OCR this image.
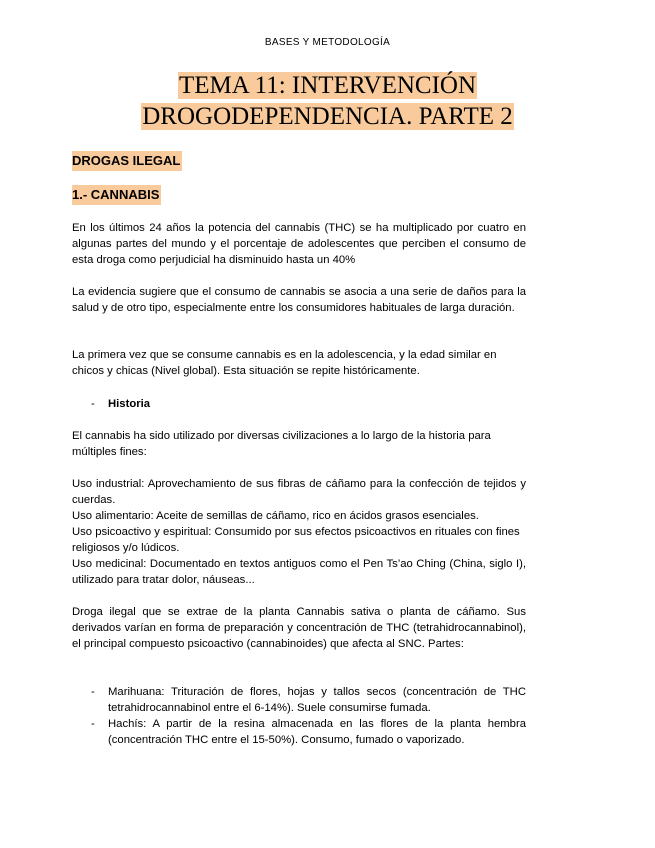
BASES Y METODOLOGÍA
TEMA 11: INTERVENCIÓN
DROGODEPENDENCIA. PARTE 2
DROGAS ILEGAL
1.- CANNABIS

En los últimos 24 años la potencia del cannabis (THC) se ha multiplicado por cuatro en algunas partes del mundo y el porcentaje de adolescentes que perciben el consumo de esta droga como perjudicial ha disminuido hasta un 40%

La evidencia sugiere que el consumo de cannabis se asocia a una serie de daños para la salud y de otro tipo, especialmente entre los consumidores habituales de larga duración.

La primera vez que se consume cannabis es en la adolescencia, y la edad similar en chicos y chicas (Nivel global). Esta situación se repite históricamente.

- Historia

El cannabis ha sido utilizado por diversas civilizaciones a lo largo de la historia para múltiples fines:

Uso industrial: Aprovechamiento de sus fibras de cáñamo para la confección de tejidos y cuerdas.

Uso alimentario: Aceite de semillas de cáñamo, rico en ácidos grasos esenciales.

Uso psicoactivo y espiritual: Consumido por sus efectos psicoactivos en rituales con fines religiosos y/o lúdicos.

Uso medicinal: Documentado en textos antiguos como el Pen Ts’ao Ching (China, siglo I), utilizado para tratar dolor, náuseas...

Droga ilegal que se extrae de la planta Cannabis sativa o planta de cáñamo. Sus derivados varían en forma de preparación y concentración de THC (tetrahidrocannabinol), el principal compuesto psicoactivo (cannabinoides) que afecta al SNC. Partes:

- Marihuana: Trituración de flores, hojas y tallos secos (concentración de THC tetrahidrocannabinol entre el 6-14%). Suele consumirse fumada.

- Hachís: A partir de la resina almacenada en las flores de la planta hembra (concentración THC entre el 15-50%). Consumo, fumado o vaporizado.
